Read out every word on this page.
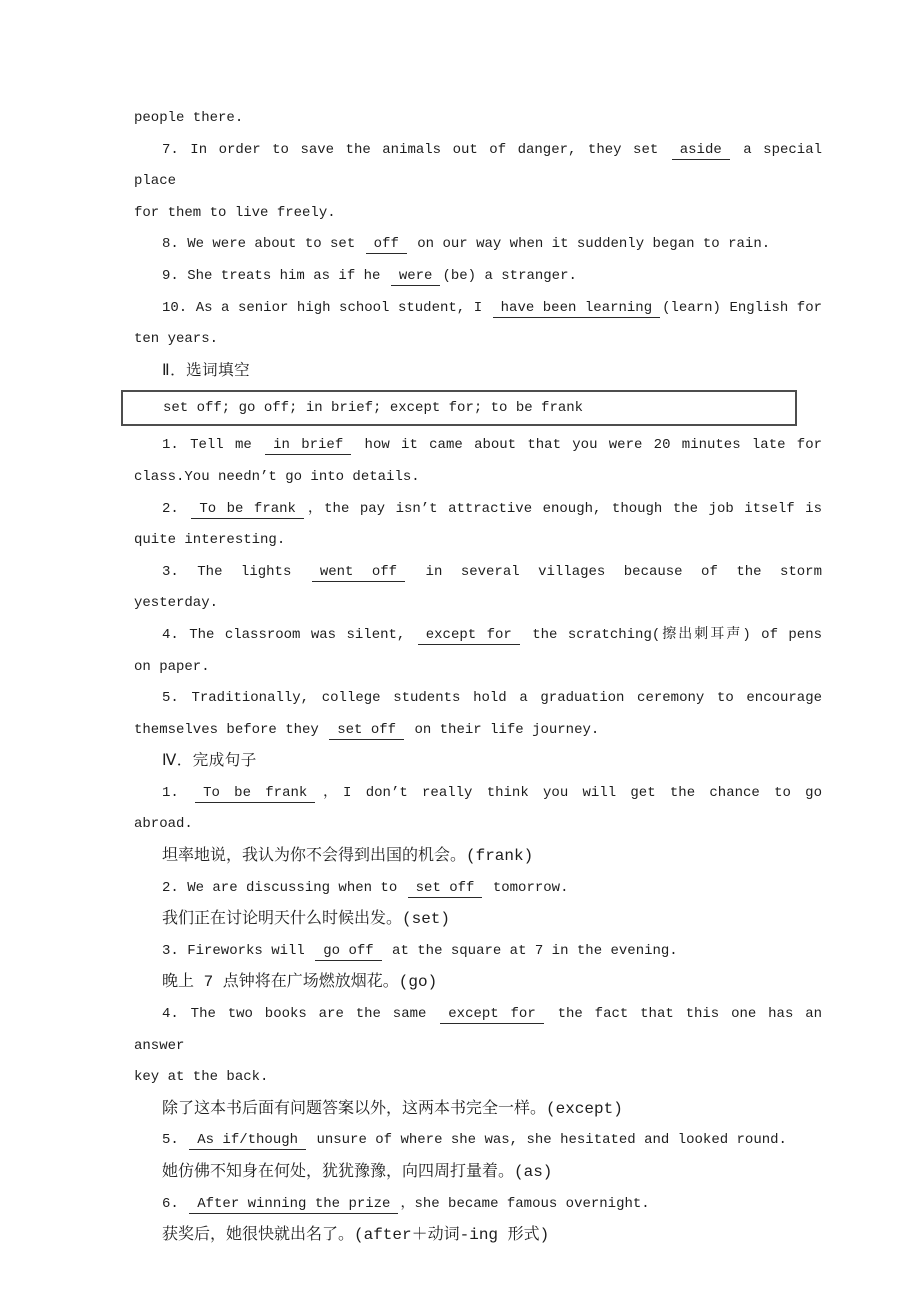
people there.
7. In order to save the animals out of danger, they set aside a special place
for them to live freely.
8. We were about to set off on our way when it suddenly began to rain.
9. She treats him as if he were (be) a stranger.
10. As a senior high school student, I have been learning (learn) English for
ten years.
Ⅱ．选词填空
set off; go off; in brief; except for; to be frank
1. Tell me in brief how it came about that you were 20 minutes late for
class.You needn’t go into details.
2. To be frank ，the pay isn’t attractive enough, though the job itself is
quite interesting.
3. The lights went off in several villages because of the storm
yesterday.
4. The classroom was silent, except for the scratching(擦出刺耳声) of pens
on paper.
5. Traditionally, college students hold a graduation ceremony to encourage
themselves before they set off on their life journey.
Ⅳ．完成句子
1. To be frank ，I don’t really think you will get the chance to go
abroad.
坦率地说，我认为你不会得到出国的机会。(frank)
2. We are discussing when to set off tomorrow.
我们正在讨论明天什么时候出发。(set)
3. Fireworks will go off at the square at 7 in the evening.
晚上 7 点钟将在广场燃放烟花。(go)
4. The two books are the same except for the fact that this one has an answer
key at the back.
除了这本书后面有问题答案以外，这两本书完全一样。(except)
5. As if/though unsure of where she was, she hesitated and looked round.
她仿佛不知身在何处，犹犹豫豫，向四周打量着。(as)
6. After winning the prize ，she became famous overnight.
获奖后，她很快就出名了。(after＋动词-ing 形式)
